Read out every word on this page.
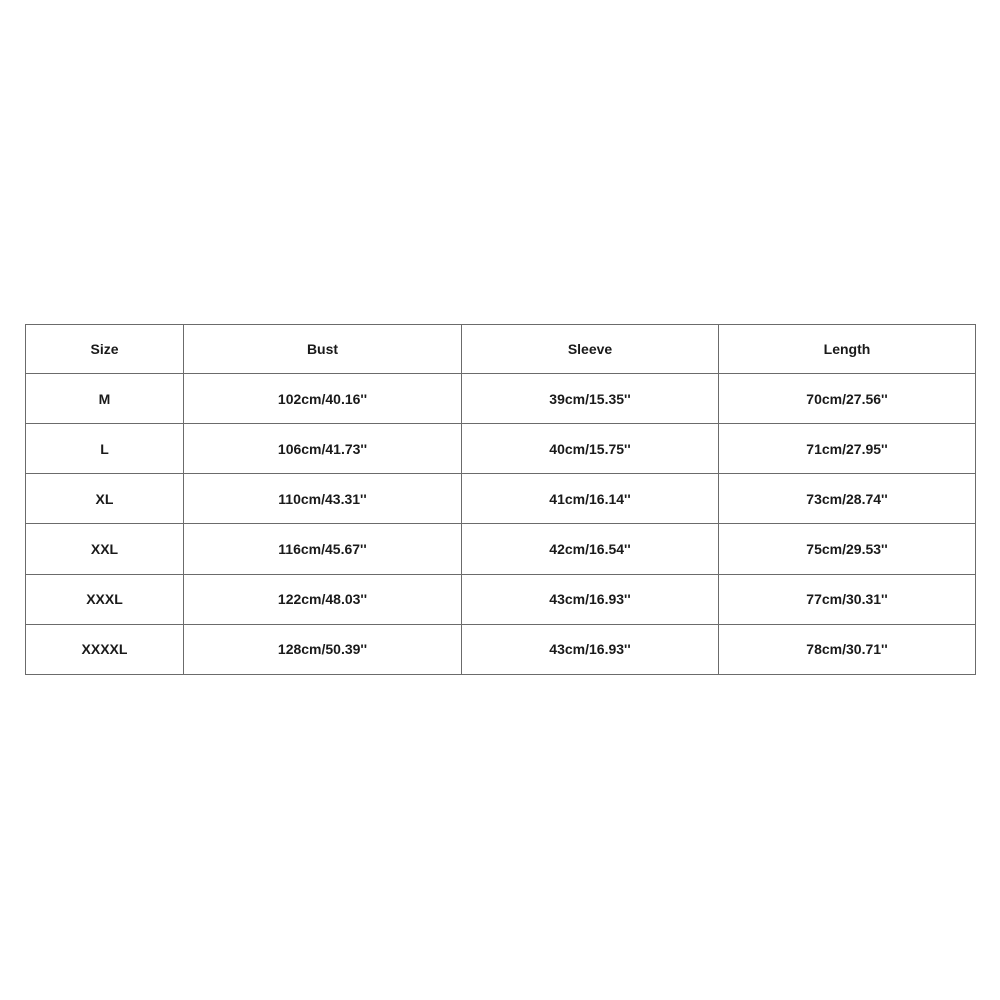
Size	Bust	Sleeve	Length
M	102cm/40.16''	39cm/15.35''	70cm/27.56''
L	106cm/41.73''	40cm/15.75''	71cm/27.95''
XL	110cm/43.31''	41cm/16.14''	73cm/28.74''
XXL	116cm/45.67''	42cm/16.54''	75cm/29.53''
XXXL	122cm/48.03''	43cm/16.93''	77cm/30.31''
XXXXL	128cm/50.39''	43cm/16.93''	78cm/30.71''
